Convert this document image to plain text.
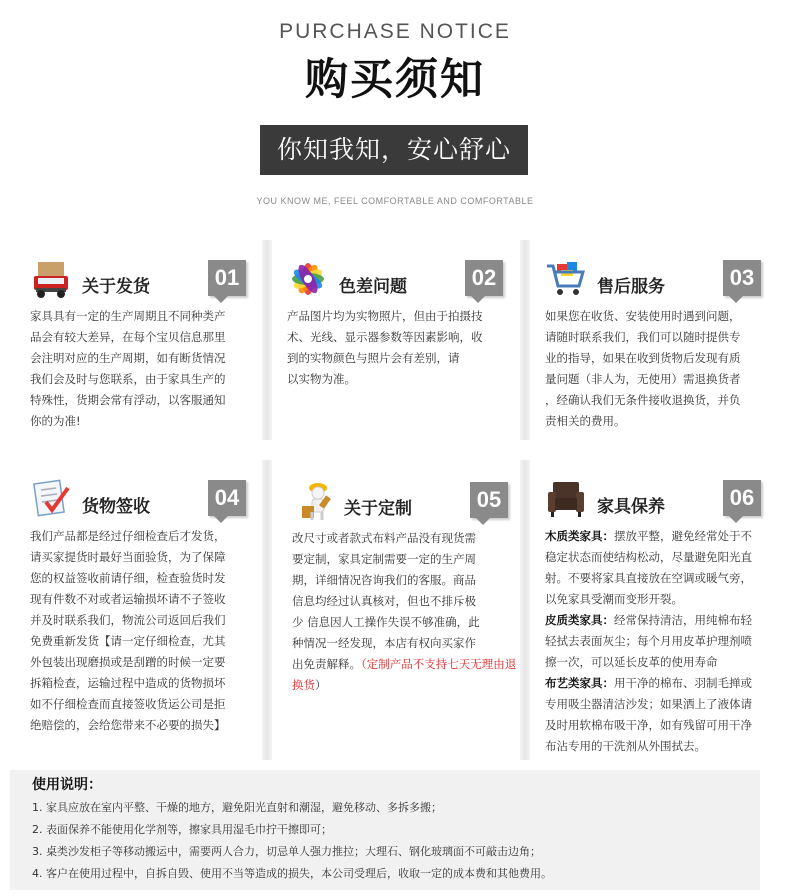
PURCHASE NOTICE
购买须知
你知我知，安心舒心
YOU KNOW ME, FEEL COMFORTABLE AND COMFORTABLE
关于发货	01
家具具有一定的生产周期且不同种类产
品会有较大差异，在每个宝贝信息那里
会注明对应的生产周期，如有断货情况
我们会及时与您联系，由于家具生产的
特殊性，货期会常有浮动，以客服通知
你的为准!
色差问题	02
产品图片均为实物照片，但由于拍摄技
术、光线、显示器参数等因素影响，收
到的实物颜色与照片会有差别，请
以实物为准。
售后服务	03
如果您在收货、安装使用时遇到问题，
请随时联系我们，我们可以随时提供专
业的指导，如果在收到货物后发现有质
量问题（非人为，无使用）需退换货者
，经确认我们无条件接收退换货，并负
责相关的费用。
货物签收	04
我们产品都是经过仔细检查后才发货，
请买家提货时最好当面验货，为了保障
您的权益签收前请仔细，检查验货时发
现有件数不对或者运输损坏请不子签收
并及时联系我们，物流公司返回后我们
免费重新发货【请一定仔细检查，尤其
外包装出现磨损或是刮蹭的时候一定要
拆箱检查，运输过程中造成的货物损坏
如不仔细检查而直接签收货运公司是拒
绝赔偿的，会给您带来不必要的损失】
关于定制	05
改尺寸或者款式布料产品没有现货需
要定制，家具定制需要一定的生产周
期，详细情况咨询我们的客服。商品
信息均经过认真核对，但也不排斥极
少 信息因人工操作失误不够准确，此
种情况一经发现，本店有权向买家作
出免责解释。（定制产品不支持七天无理由退换货）
家具保养	06
木质类家具：摆放平整，避免经常处于不稳定状态而使结构松动，尽量避免阳光直射。不要将家具直接放在空调或暖气旁，以免家具受潮而变形开裂。
皮质类家具：经常保持清洁，用纯棉布轻轻拭去表面灰尘；每个月用皮革护理剂喷擦一次，可以延长皮革的使用寿命
布艺类家具：用干净的棉布、羽制毛掸或专用吸尘器清洁沙发；如果洒上了液体请及时用软棉布吸干净，如有残留可用干净布沾专用的干洗剂从外围拭去。
使用说明：
1. 家具应放在室内平整、干燥的地方，避免阳光直射和潮湿，避免移动、多拆多搬；
2. 表面保养不能使用化学剂等，擦家具用湿毛巾拧干擦即可；
3. 桌类沙发柜子等移动搬运中，需要两人合力，切忌单人强力推拉；大理石、钢化玻璃面不可敲击边角；
4. 客户在使用过程中，自拆自毁、使用不当等造成的损失，本公司受理后，收取一定的成本费和其他费用。
